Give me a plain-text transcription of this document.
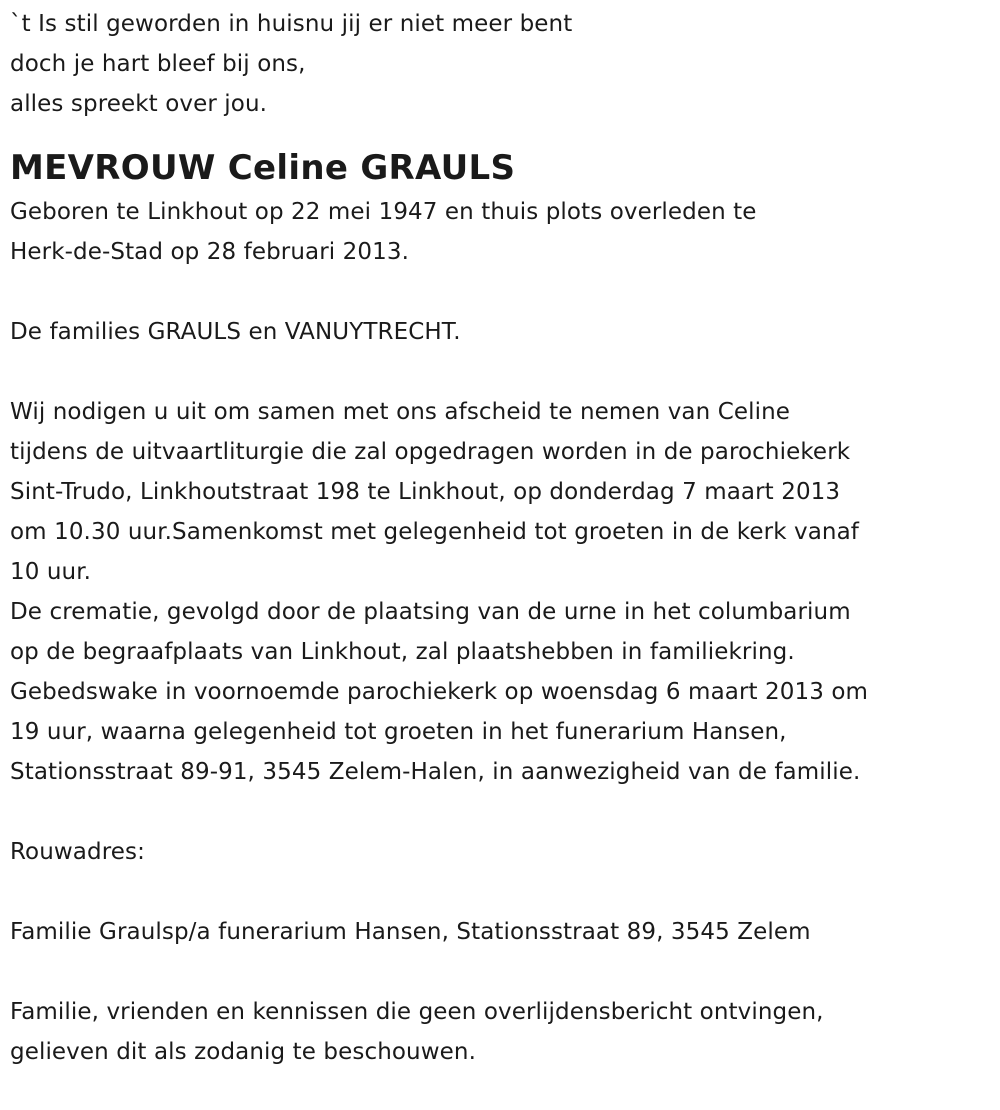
`t Is stil geworden in huisnu jij er niet meer bent
doch je hart bleef bij ons,
alles spreekt over jou.
MEVROUW Celine GRAULS
Geboren te Linkhout op 22 mei 1947 en thuis plots overleden te
Herk-de-Stad op 28 februari 2013.
De families GRAULS en VANUYTRECHT.
Wij nodigen u uit om samen met ons afscheid te nemen van Celine
tijdens de uitvaartliturgie die zal opgedragen worden in de parochiekerk
Sint-Trudo, Linkhoutstraat 198 te Linkhout, op donderdag 7 maart 2013
om 10.30 uur.Samenkomst met gelegenheid tot groeten in de kerk vanaf
10 uur.
De crematie, gevolgd door de plaatsing van de urne in het columbarium
op de begraafplaats van Linkhout, zal plaatshebben in familiekring.
Gebedswake in voornoemde parochiekerk op woensdag 6 maart 2013 om
19 uur, waarna gelegenheid tot groeten in het funerarium Hansen,
Stationsstraat 89-91, 3545 Zelem-Halen, in aanwezigheid van de familie.
Rouwadres:
Familie Graulsp/a funerarium Hansen, Stationsstraat 89, 3545 Zelem
Familie, vrienden en kennissen die geen overlijdensbericht ontvingen,
gelieven dit als zodanig te beschouwen.
